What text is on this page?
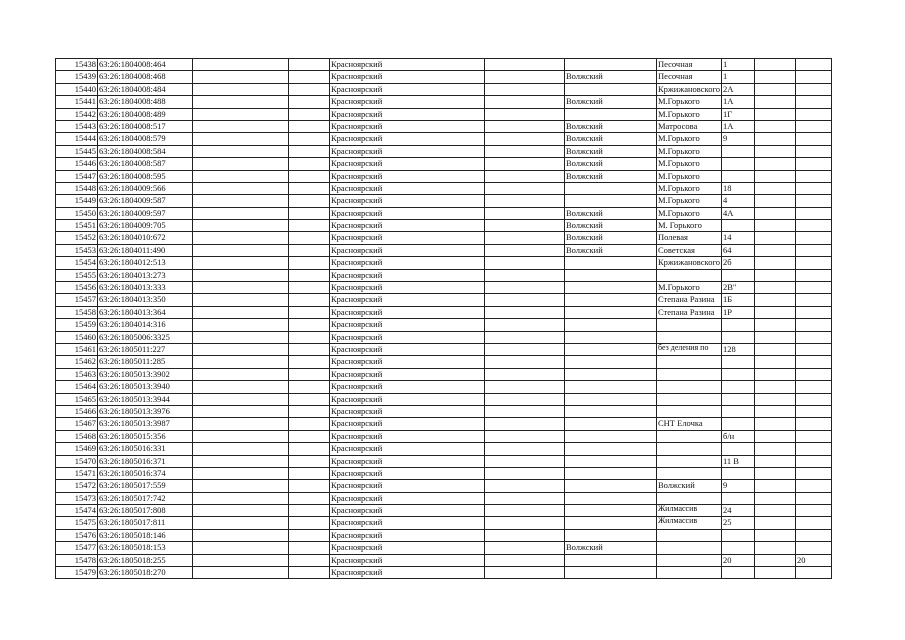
15438	63:26:1804008:464			Красноярский			Песочная	1		
15439	63:26:1804008:468			Красноярский		Волжский	Песочная	1		
15440	63:26:1804008:484			Красноярский			Кржижановского	2А		
15441	63:26:1804008:488			Красноярский		Волжский	М.Горького	1А		
15442	63:26:1804008:489			Красноярский			М.Горького	1Г		
15443	63:26:1804008:517			Красноярский		Волжский	Матросова	1А		
15444	63:26:1804008:579			Красноярский		Волжский	М.Горького	9		
15445	63:26:1804008:584			Красноярский		Волжский	М.Горького			
15446	63:26:1804008:587			Красноярский		Волжский	М.Горького			
15447	63:26:1804008:595			Красноярский		Волжский	М.Горького			
15448	63:26:1804009:566			Красноярский			М.Горького	18		
15449	63:26:1804009:587			Красноярский			М.Горького	4		
15450	63:26:1804009:597			Красноярский		Волжский	М.Горького	4А		
15451	63:26:1804009:705			Красноярский		Волжский	М. Горького			
15452	63:26:1804010:672			Красноярский		Волжский	Полевая	14		
15453	63:26:1804011:490			Красноярский		Волжский	Советская	64		
15454	63:26:1804012:513			Красноярский			Кржижановского	2б		
15455	63:26:1804013:273			Красноярский						
15456	63:26:1804013:333			Красноярский			М.Горького	2В"		
15457	63:26:1804013:350			Красноярский			Степана Разина	1Б		
15458	63:26:1804013:364			Красноярский			Степана Разина	1Р		
15459	63:26:1804014:316			Красноярский						
15460	63:26:1805006:3325			Красноярский						
15461	63:26:1805011:227			Красноярский			без деления по	128		
15462	63:26:1805011:285			Красноярский						
15463	63:26:1805013:3902			Красноярский						
15464	63:26:1805013:3940			Красноярский						
15465	63:26:1805013:3944			Красноярский						
15466	63:26:1805013:3976			Красноярский						
15467	63:26:1805013:3987			Красноярский			СНТ Елочка			
15468	63:26:1805015:356			Красноярский				б/н		
15469	63:26:1805016:331			Красноярский						
15470	63:26:1805016:371			Красноярский				11 В		
15471	63:26:1805016:374			Красноярский						
15472	63:26:1805017:559			Красноярский			Волжский	9		
15473	63:26:1805017:742			Красноярский						
15474	63:26:1805017:808			Красноярский			Жилмассив	24		
15475	63:26:1805017:811			Красноярский			Жилмассив	25		
15476	63:26:1805018:146			Красноярский						
15477	63:26:1805018:153			Красноярский		Волжский				
15478	63:26:1805018:255			Красноярский				20		20
15479	63:26:1805018:270			Красноярский						
